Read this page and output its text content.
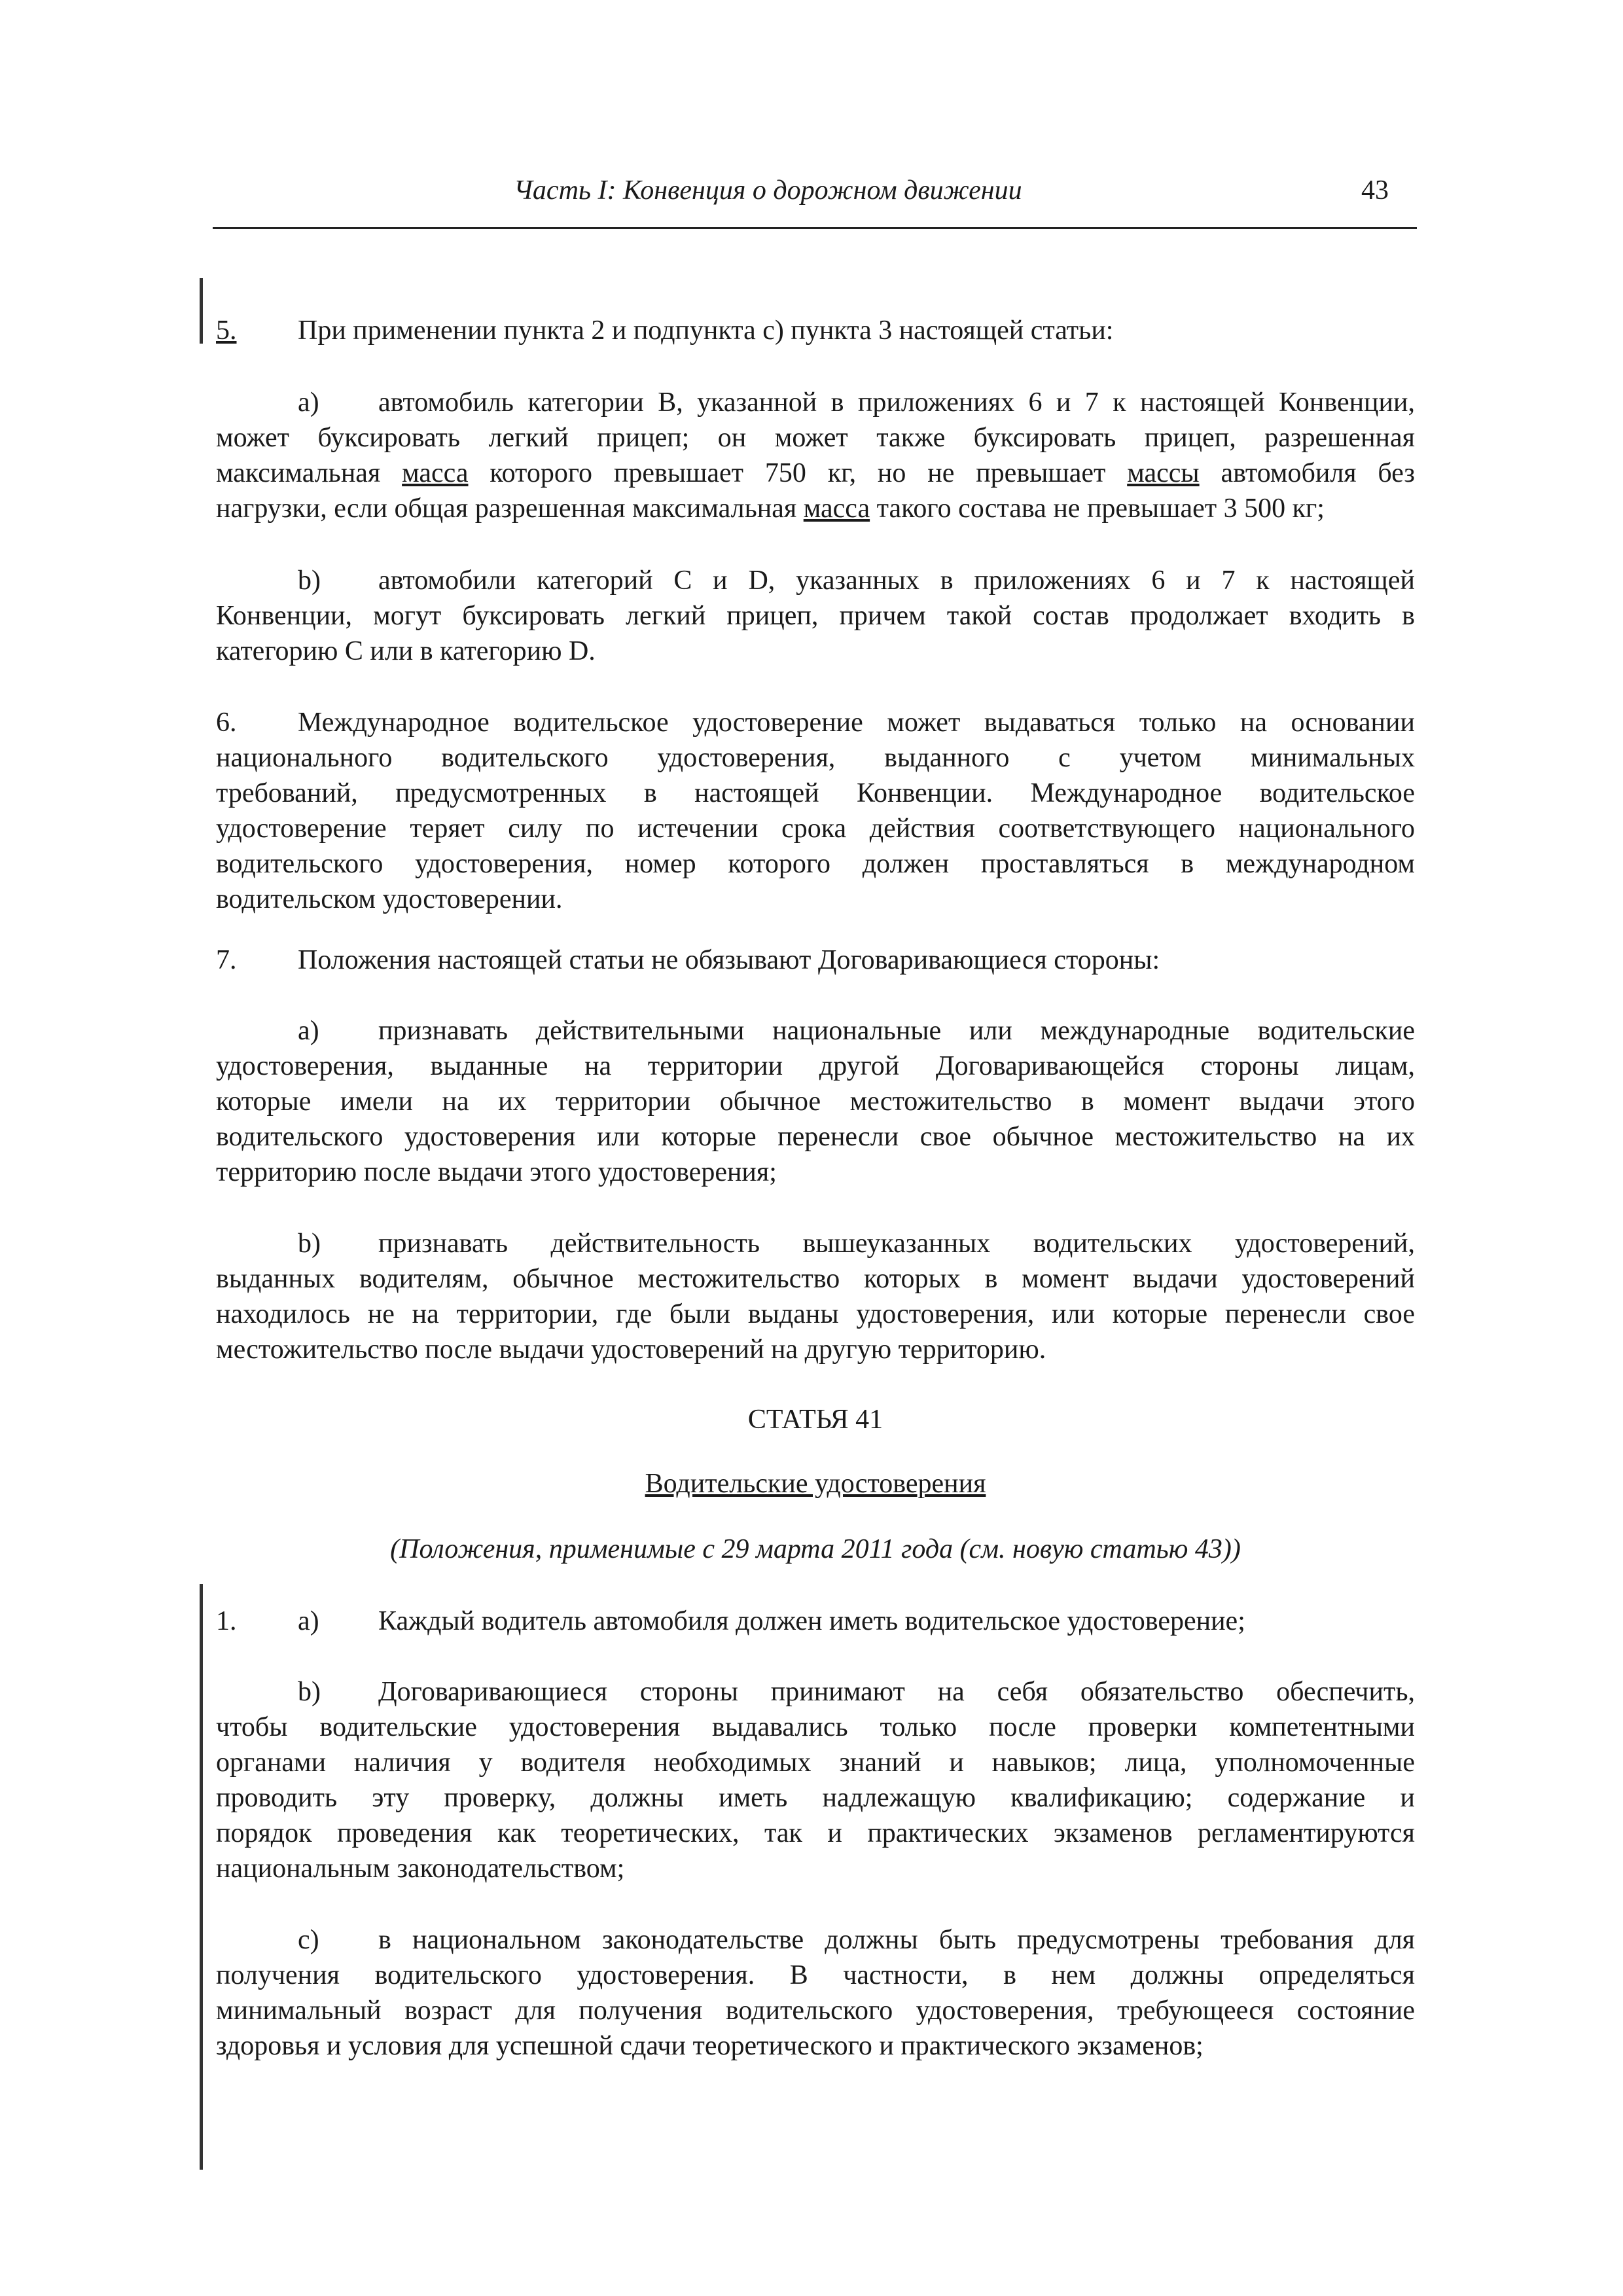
Часть I: Конвенция о дорожном движении	43
5. При применении пункта 2 и подпункта c) пункта 3 настоящей статьи:
a) автомобиль категории B, указанной в приложениях 6 и 7 к настоящей Конвенции,
может буксировать легкий прицеп; он может также буксировать прицеп, разрешенная
максимальная масса которого превышает 750 кг, но не превышает массы автомобиля без
нагрузки, если общая разрешенная максимальная масса такого состава не превышает 3 500 кг;
b) автомобили категорий C и D, указанных в приложениях 6 и 7 к настоящей
Конвенции, могут буксировать легкий прицеп, причем такой состав продолжает входить в
категорию C или в категорию D.
6. Международное водительское удостоверение может выдаваться только на основании
национального водительского удостоверения, выданного с учетом минимальных
требований, предусмотренных в настоящей Конвенции. Международное водительское
удостоверение теряет силу по истечении срока действия соответствующего национального
водительского удостоверения, номер которого должен проставляться в международном
водительском удостоверении.
7. Положения настоящей статьи не обязывают Договаривающиеся стороны:
a) признавать действительными национальные или международные водительские
удостоверения, выданные на территории другой Договаривающейся стороны лицам,
которые имели на их территории обычное местожительство в момент выдачи этого
водительского удостоверения или которые перенесли свое обычное местожительство на их
территорию после выдачи этого удостоверения;
b) признавать действительность вышеуказанных водительских удостоверений,
выданных водителям, обычное местожительство которых в момент выдачи удостоверений
находилось не на территории, где были выданы удостоверения, или которые перенесли свое
местожительство после выдачи удостоверений на другую территорию.
СТАТЬЯ 41
Водительские удостоверения
(Положения, применимые с 29 марта 2011 года (см. новую статью 43))
1. a) Каждый водитель автомобиля должен иметь водительское удостоверение;
b) Договаривающиеся стороны принимают на себя обязательство обеспечить,
чтобы водительские удостоверения выдавались только после проверки компетентными
органами наличия у водителя необходимых знаний и навыков; лица, уполномоченные
проводить эту проверку, должны иметь надлежащую квалификацию; содержание и
порядок проведения как теоретических, так и практических экзаменов регламентируются
национальным законодательством;
c) в национальном законодательстве должны быть предусмотрены требования для
получения водительского удостоверения. В частности, в нем должны определяться
минимальный возраст для получения водительского удостоверения, требующееся состояние
здоровья и условия для успешной сдачи теоретического и практического экзаменов;
